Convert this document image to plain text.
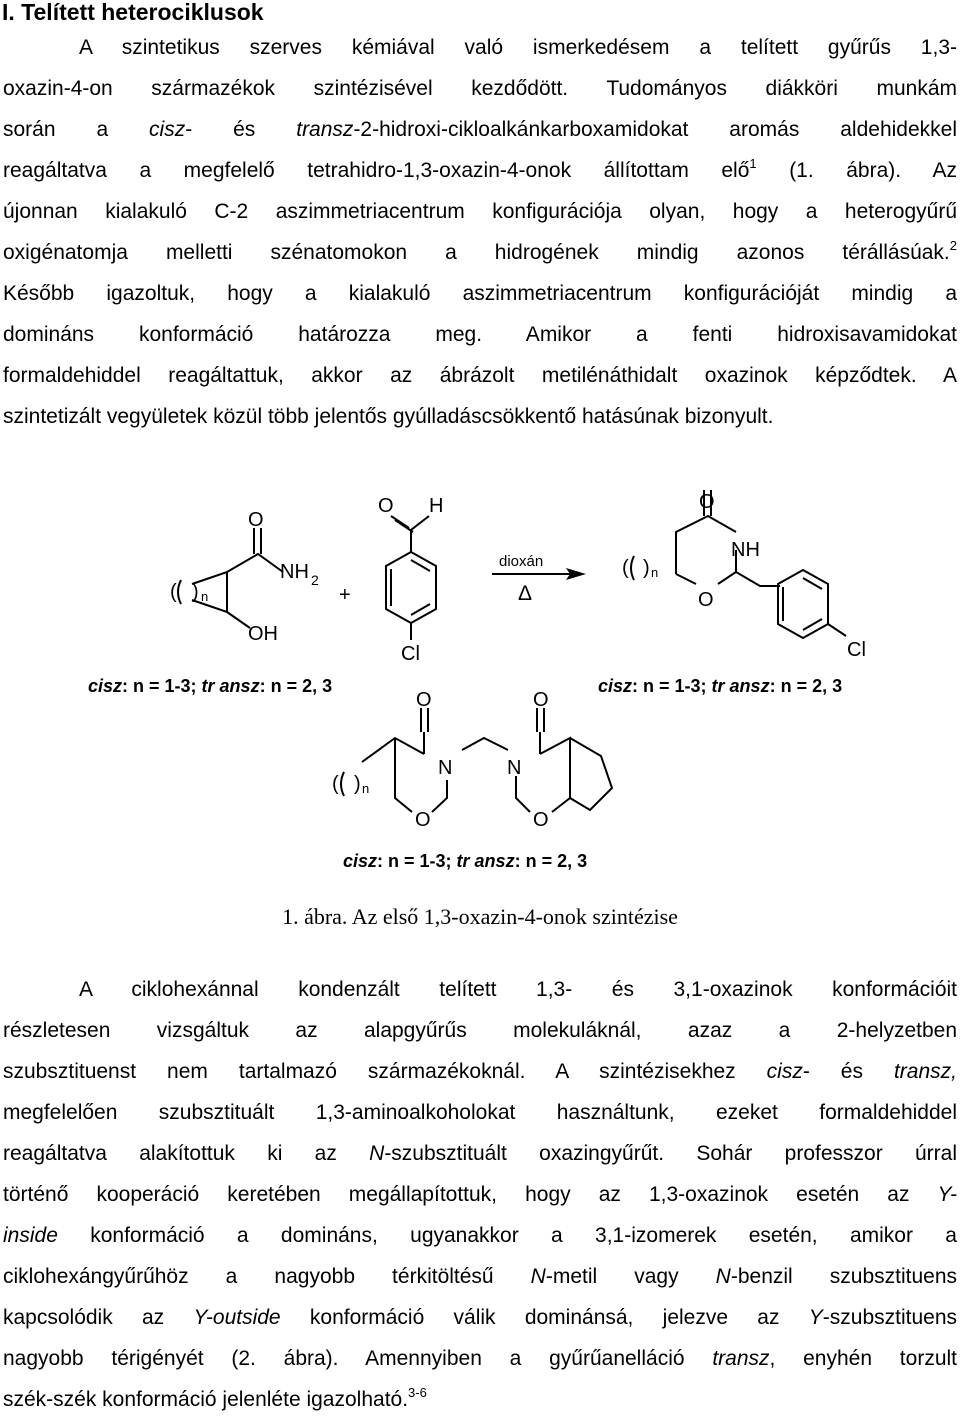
I. Telített heterociklusok
A szintetikus szerves kémiával való ismerkedésem a telített gyűrűs 1,3-
oxazin-4-on származékok szintézisével kezdődött. Tudományos diákköri munkám
során a cisz- és transz-2-hidroxi-cikloalkánkarboxamidokat aromás aldehidekkel
reagáltatva a megfelelő tetrahidro-1,3-oxazin-4-onok állítottam elő$^1$ (1. ábra). Az
újonnan kialakuló C-2 aszimmetriacentrum konfigurációja olyan, hogy a heterogyűrű
oxigénatomja melletti szénatomokon a hidrogének mindig azonos térállásúak.$^2$
Később igazoltuk, hogy a kialakuló aszimmetriacentrum konfigurációját mindig a
domináns konformáció határozza meg. Amikor a fenti hidroxisavamidokat
formaldehiddel reagáltattuk, akkor az ábrázolt metilénáthidalt oxazinok képződtek. A
szintetizált vegyületek közül több jelentős gyúlladáscsökkentő hatásúnak bizonyult.
( ) n
O
NH 2
OH
+
O H
Cl
dioxán
Δ
( ) n
O
NH
O
Cl
cisz: n = 1-3; tr ansz: n = 2, 3	cisz: n = 1-3; tr ansz: n = 2, 3
O	O
N	N
O	O
( ) n
cisz: n = 1-3; tr ansz: n = 2, 3
1. ábra. Az első 1,3-oxazin-4-onok szintézise
A ciklohexánnal kondenzált telített 1,3- és 3,1-oxazinok konformációit
részletesen vizsgáltuk az alapgyűrűs molekuláknál, azaz a 2-helyzetben
szubsztituenst nem tartalmazó származékoknál. A szintézisekhez cisz- és transz,
megfelelően szubsztituált 1,3-aminoalkoholokat használtunk, ezeket formaldehiddel
reagáltatva alakítottuk ki az N-szubsztituált oxazingyűrűt. Sohár professzor úrral
történő kooperáció keretében megállapítottuk, hogy az 1,3-oxazinok esetén az Y-
inside konformáció a domináns, ugyanakkor a 3,1-izomerek esetén, amikor a
ciklohexángyűrűhöz a nagyobb térkitöltésű N-metil vagy N-benzil szubsztituens
kapcsolódik az Y-outside konformáció válik dominánsá, jelezve az Y-szubsztituens
nagyobb térigényét (2. ábra). Amennyiben a gyűrűanelláció transz, enyhén torzult
szék-szék konformáció jelenléte igazolható.$^{3-6}$
